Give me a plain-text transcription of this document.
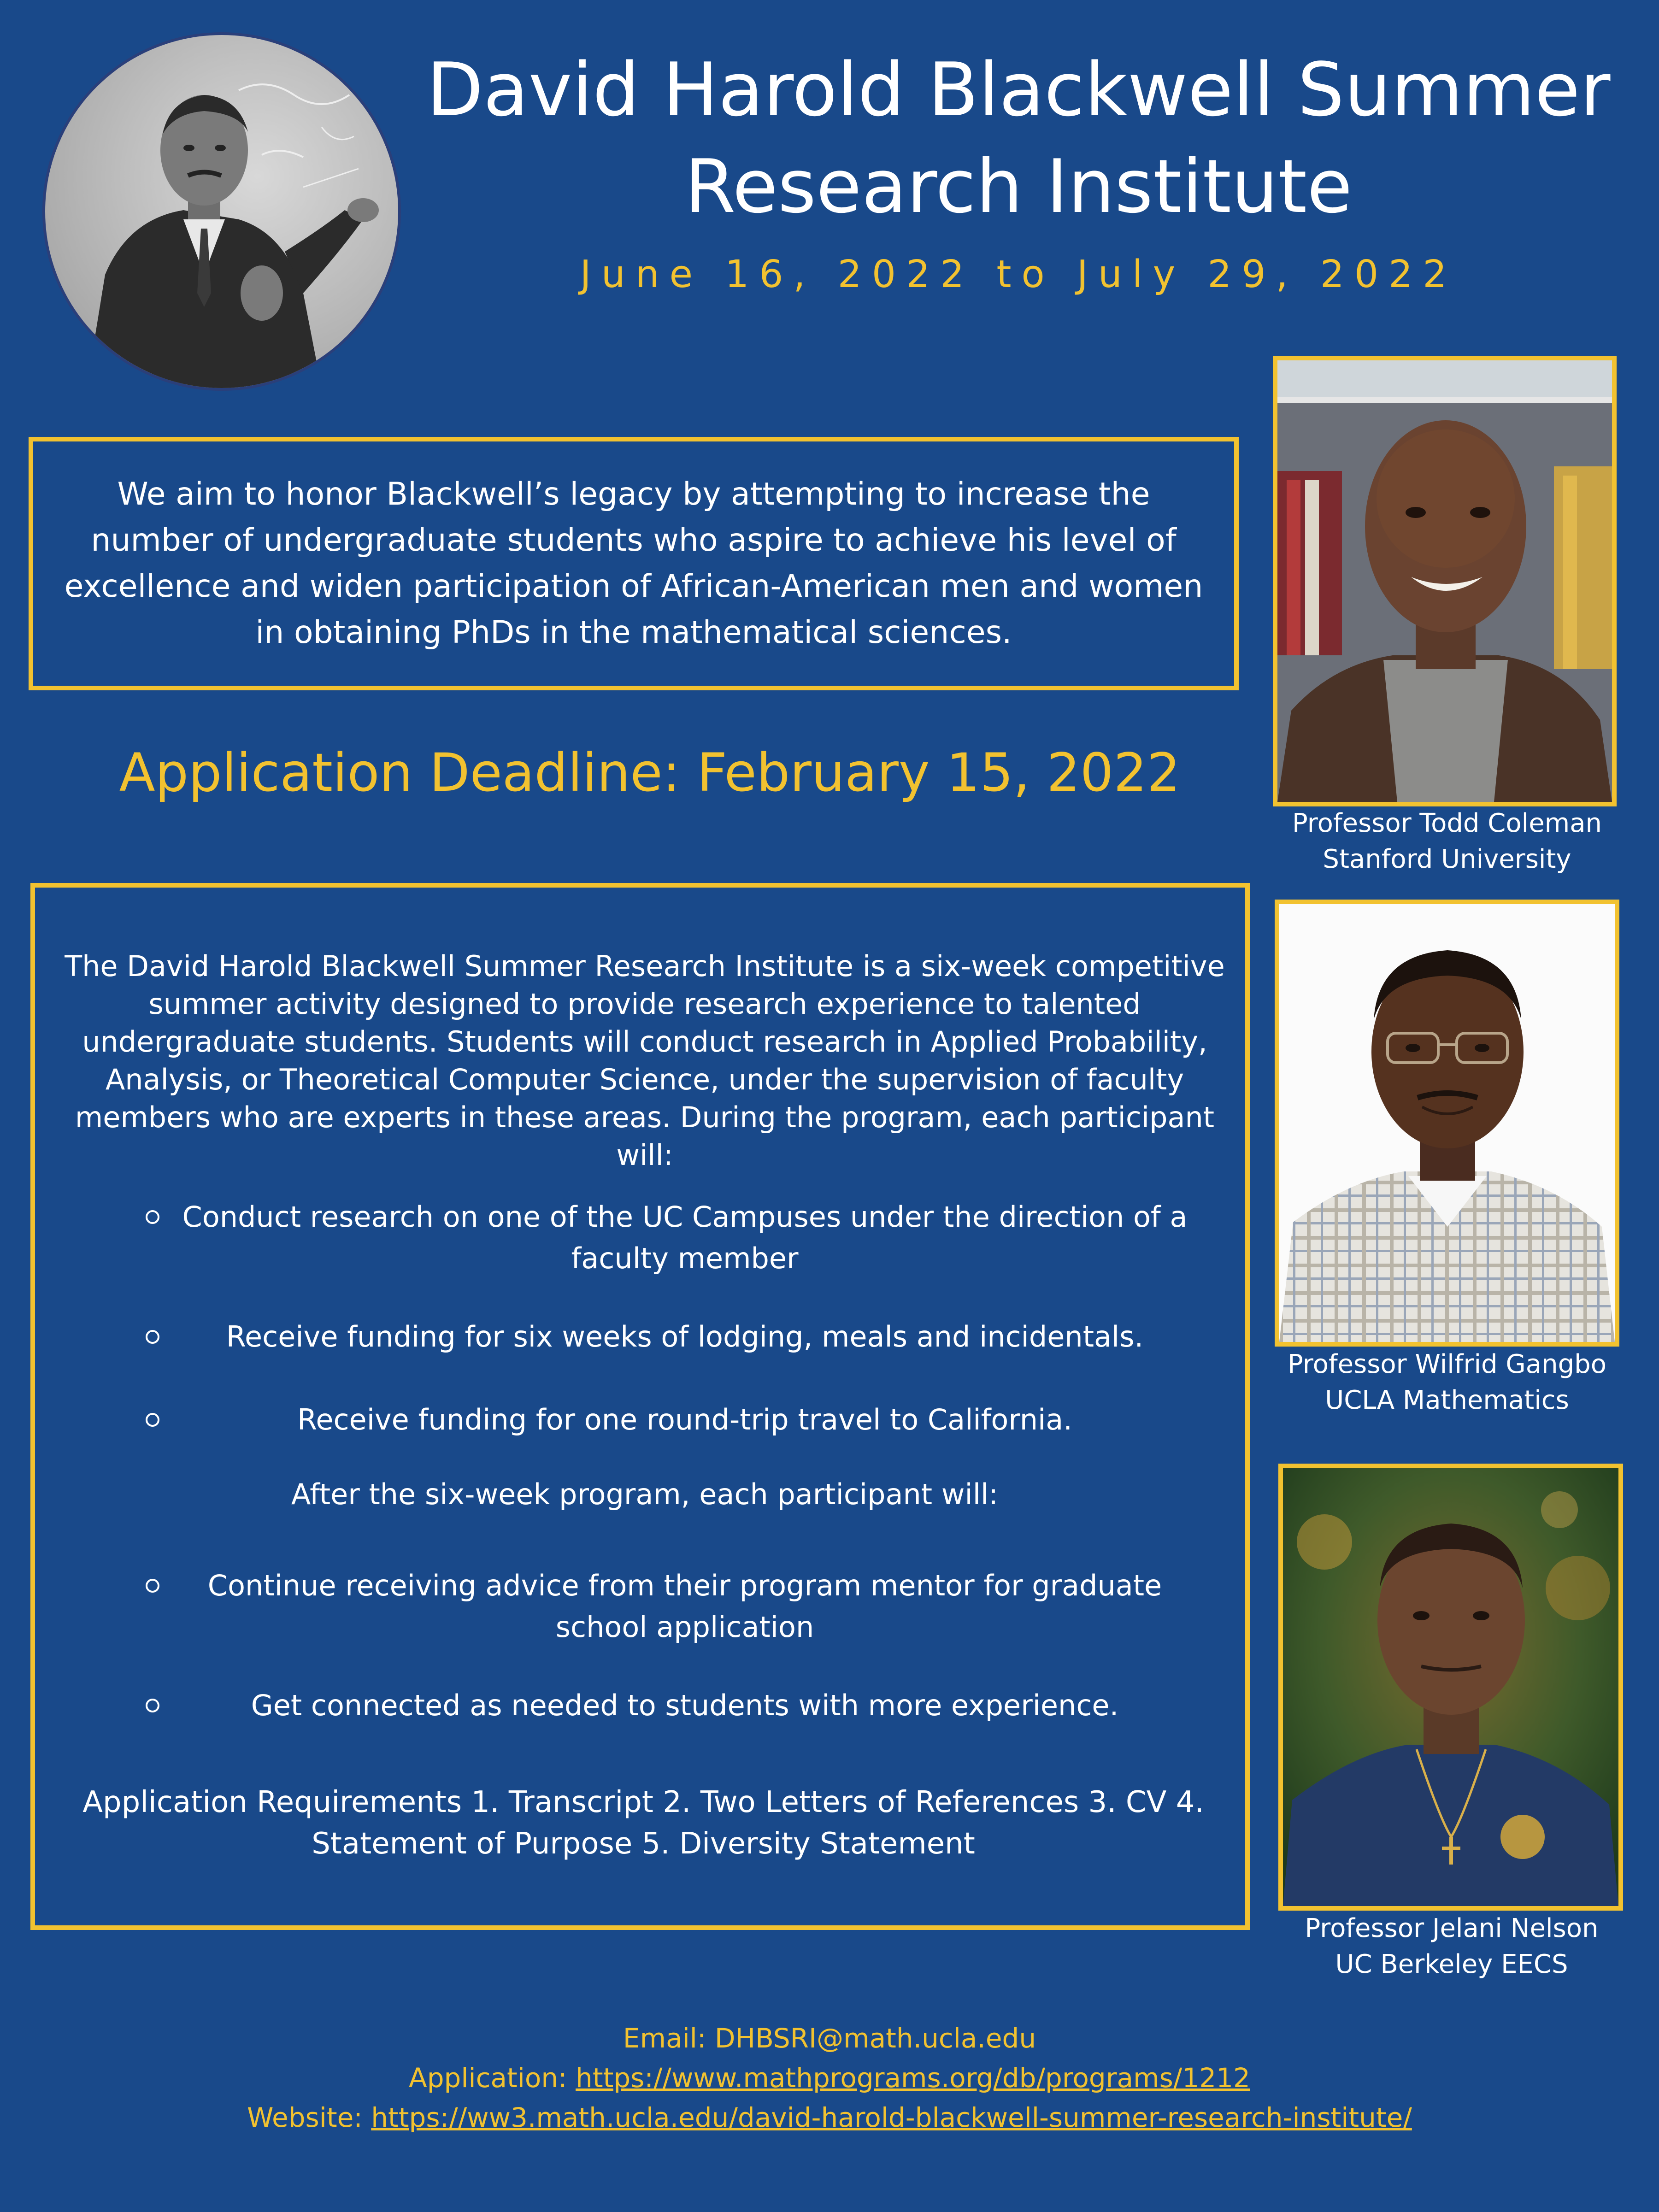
David Harold Blackwell Summer
Research Institute
June 16, 2022 to July 29, 2022
We aim to honor Blackwell’s legacy by attempting to increase the number of undergraduate students who aspire to achieve his level of excellence and widen participation of African-American men and women in obtaining PhDs in the mathematical sciences.
Application Deadline: February 15, 2022
The David Harold Blackwell Summer Research Institute is a six-week competitive summer activity designed to provide research experience to talented undergraduate students. Students will conduct research in Applied Probability, Analysis, or Theoretical Computer Science, under the supervision of faculty members who are experts in these areas. During the program, each participant will:
Conduct research on one of the UC Campuses under the direction of a faculty member
Receive funding for six weeks of lodging, meals and incidentals.
Receive funding for one round-trip travel to California.
After the six-week program, each participant will:
Continue receiving advice from their program mentor for graduate school application
Get connected as needed to students with more experience.
Application Requirements 1. Transcript 2. Two Letters of References 3. CV 4. Statement of Purpose 5. Diversity Statement
Professor Todd Coleman
Stanford University
Professor Wilfrid Gangbo
UCLA Mathematics
Professor Jelani Nelson
UC Berkeley EECS
Email: DHBSRI@math.ucla.edu
Application: https://www.mathprograms.org/db/programs/1212
Website: https://ww3.math.ucla.edu/david-harold-blackwell-summer-research-institute/
